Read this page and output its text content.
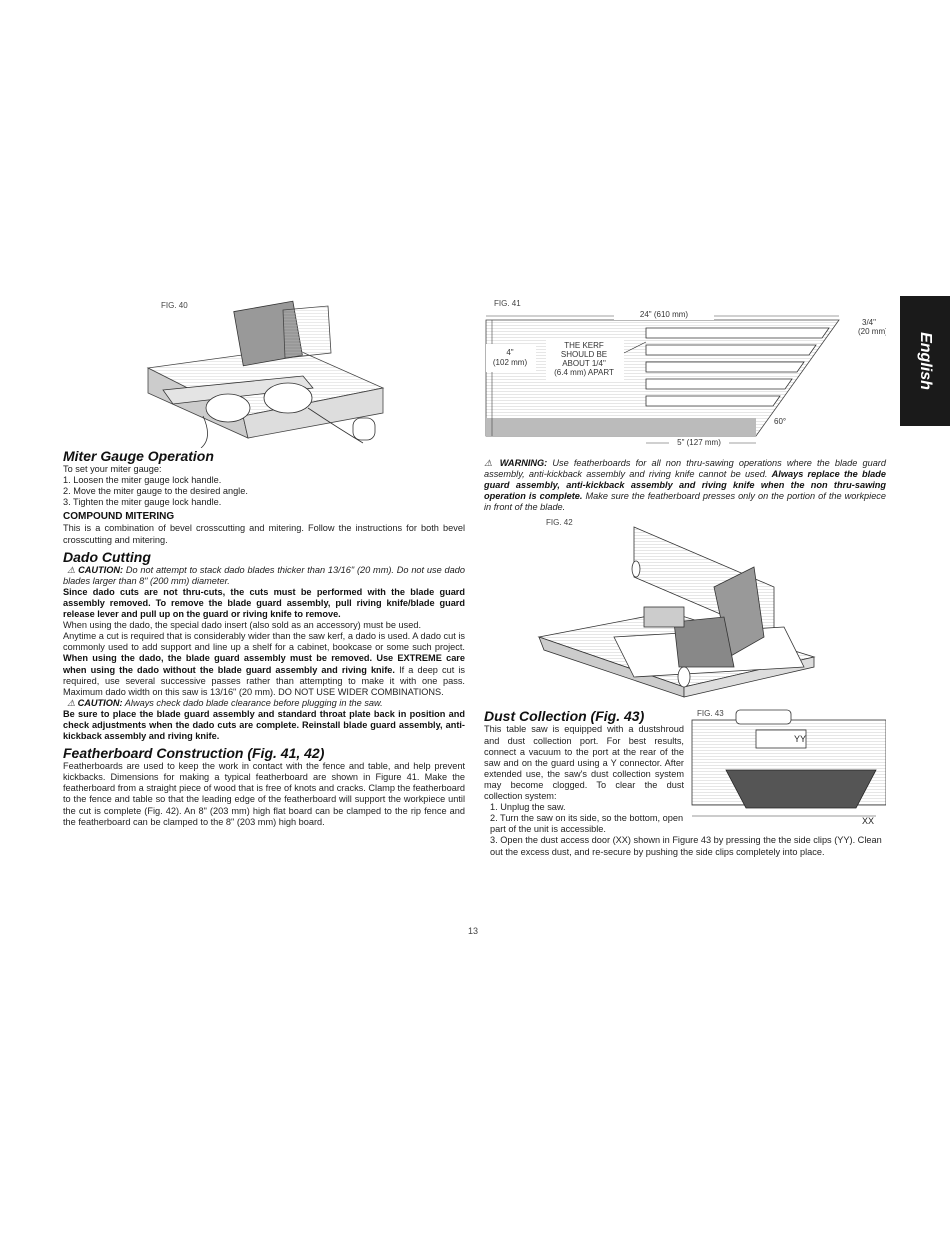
English
FIG. 40
Miter Gauge Operation

To set your miter gauge:

1. Loosen the miter gauge lock handle.
2. Move the miter gauge to the desired angle.
3. Tighten the miter gauge lock handle.
COMPOUND MITERING

This is a combination of bevel crosscutting and mitering. Follow the instructions for both bevel crosscutting and mitering.

Dado Cutting

⚠ CAUTION: Do not attempt to stack dado blades thicker than 13/16" (20 mm). Do not use dado blades larger than 8" (200 mm) diameter.

Since dado cuts are not thru-cuts, the cuts must be performed with the blade guard assembly removed. To remove the blade guard assembly, pull riving knife/blade guard release lever and pull up on the guard or riving knife to remove.

When using the dado, the special dado insert (also sold as an accessory) must be used.

Anytime a cut is required that is considerably wider than the saw kerf, a dado is used. A dado cut is commonly used to add support and line up a shelf for a cabinet, bookcase or some such project. When using the dado, the blade guard assembly must be removed. Use EXTREME care when using the dado without the blade guard assembly and riving knife. If a deep cut is required, use several successive passes rather than attempting to make it with one pass. Maximum dado width on this saw is 13/16" (20 mm). DO NOT USE WIDER COMBINATIONS.

⚠ CAUTION: Always check dado blade clearance before plugging in the saw.

Be sure to place the blade guard assembly and standard throat plate back in position and check adjustments when the dado cuts are complete. Reinstall blade guard assembly, anti-kickback assembly and riving knife.

Featherboard Construction (Fig. 41, 42)

Featherboards are used to keep the work in contact with the fence and table, and help prevent kickbacks. Dimensions for making a typical featherboard are shown in Figure 41. Make the featherboard from a straight piece of wood that is free of knots and cracks. Clamp the featherboard to the fence and table so that the leading edge of the featherboard will support the workpiece until the cut is complete (Fig. 42). An 8" (203 mm) high flat board can be clamped to the rip fence and the featherboard can be clamped to the 8" (203 mm) high board.

24" (610 mm)
4"
(102 mm)
THE KERF
SHOULD BE
ABOUT 1/4"
(6.4 mm) APART
3/4"
(20 mm)
60°
5" (127 mm)
FIG. 41

⚠ WARNING: Use featherboards for all non thru-sawing operations where the blade guard assembly, anti-kickback assembly and riving knife cannot be used. Always replace the blade guard assembly, anti-kickback assembly and riving knife when the non thru-sawing operation is complete. Make sure the featherboard presses only on the portion of the workpiece in front of the blade.

FIG. 42
YY
XX
FIG. 43
Dust Collection (Fig. 43)

This table saw is equipped with a dustshroud and dust collection port. For best results, connect a vacuum to the port at the rear of the saw and on the guard using a Y connector. After extended use, the saw's dust collection system may become clogged. To clear the dust collection system:

1. Unplug the saw.
2. Turn the saw on its side, so the bottom, open part of the unit is accessible.
3. Open the dust access door (XX) shown in Figure 43 by pressing the the side clips (YY). Clean out the excess dust, and re-secure by pushing the side clips completely into place.
13
